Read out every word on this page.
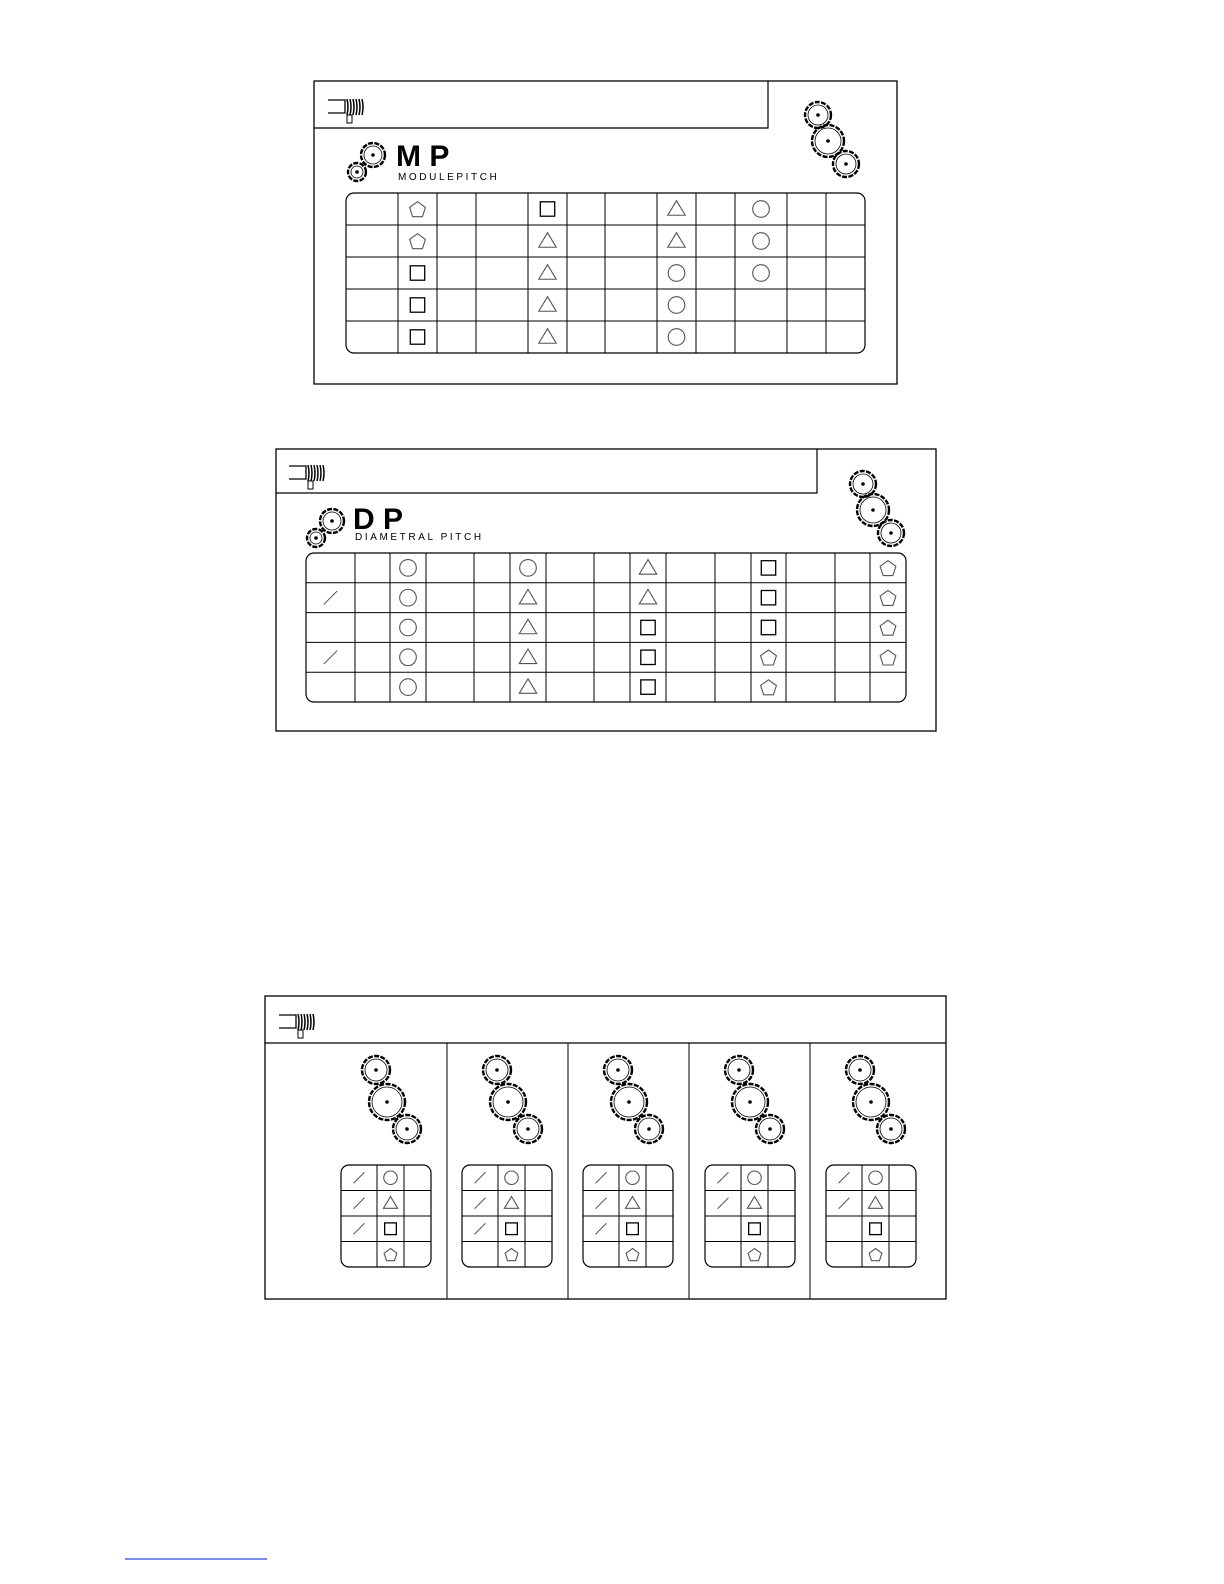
M P
MODULEPITCH
D P
DIAMETRAL PITCH
